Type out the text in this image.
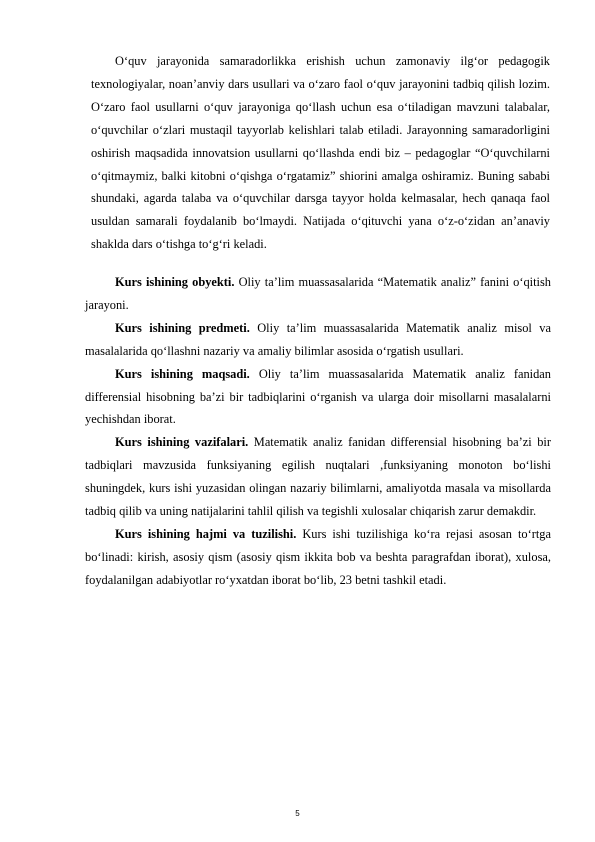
O‘quv jarayonida samaradorlikka erishish uchun zamonaviy ilg‘or pedagogik texnologiyalar, noan’anviy dars usullari va o‘zaro faol o‘quv jarayonini tadbiq qilish lozim. O‘zaro faol usullarni o‘quv jarayoniga qo‘llash uchun esa o‘tiladigan mavzuni talabalar, o‘quvchilar o‘zlari mustaqil tayyorlab kelishlari talab etiladi. Jarayonning samaradorligini oshirish maqsadida innovatsion usullarni qo‘llashda endi biz – pedagoglar “O‘quvchilarni o‘qitmaymiz, balki kitobni o‘qishga o‘rgatamiz” shiorini amalga oshiramiz. Buning sababi shundaki, agarda talaba va o‘quvchilar darsga tayyor holda kelmasalar, hech qanaqa faol usuldan samarali foydalanib bo‘lmaydi. Natijada o‘qituvchi yana o‘z-o‘zidan an’anaviy shaklda dars o‘tishga to‘g‘ri keladi.

Kurs ishining obyekti. Oliy ta’lim muassasalarida “Matematik analiz” fanini o‘qitish jarayoni.

Kurs ishining predmeti. Oliy ta’lim muassasalarida Matematik analiz misol va masalalarida qo‘llashni nazariy va amaliy bilimlar asosida o‘rgatish usullari.

Kurs ishining maqsadi. Oliy ta’lim muassasalarida Matematik analiz fanidan differensial hisobning ba’zi bir tadbiqlarini o‘rganish va ularga doir misollarni masalalarni yechishdan iborat.

Kurs ishining vazifalari. Matematik analiz fanidan differensial hisobning ba’zi bir tadbiqlari mavzusida funksiyaning egilish nuqtalari ,funksiyaning monoton bo‘lishi shuningdek, kurs ishi yuzasidan olingan nazariy bilimlarni, amaliyotda masala va misollarda tadbiq qilib va uning natijalarini tahlil qilish va tegishli xulosalar chiqarish zarur demakdir.

Kurs ishining hajmi va tuzilishi. Kurs ishi tuzilishiga ko‘ra rejasi asosan to‘rtga bo‘linadi: kirish, asosiy qism (asosiy qism ikkita bob va beshta paragrafdan iborat), xulosa, foydalanilgan adabiyotlar ro‘yxatdan iborat bo‘lib, 23 betni tashkil etadi.

5
